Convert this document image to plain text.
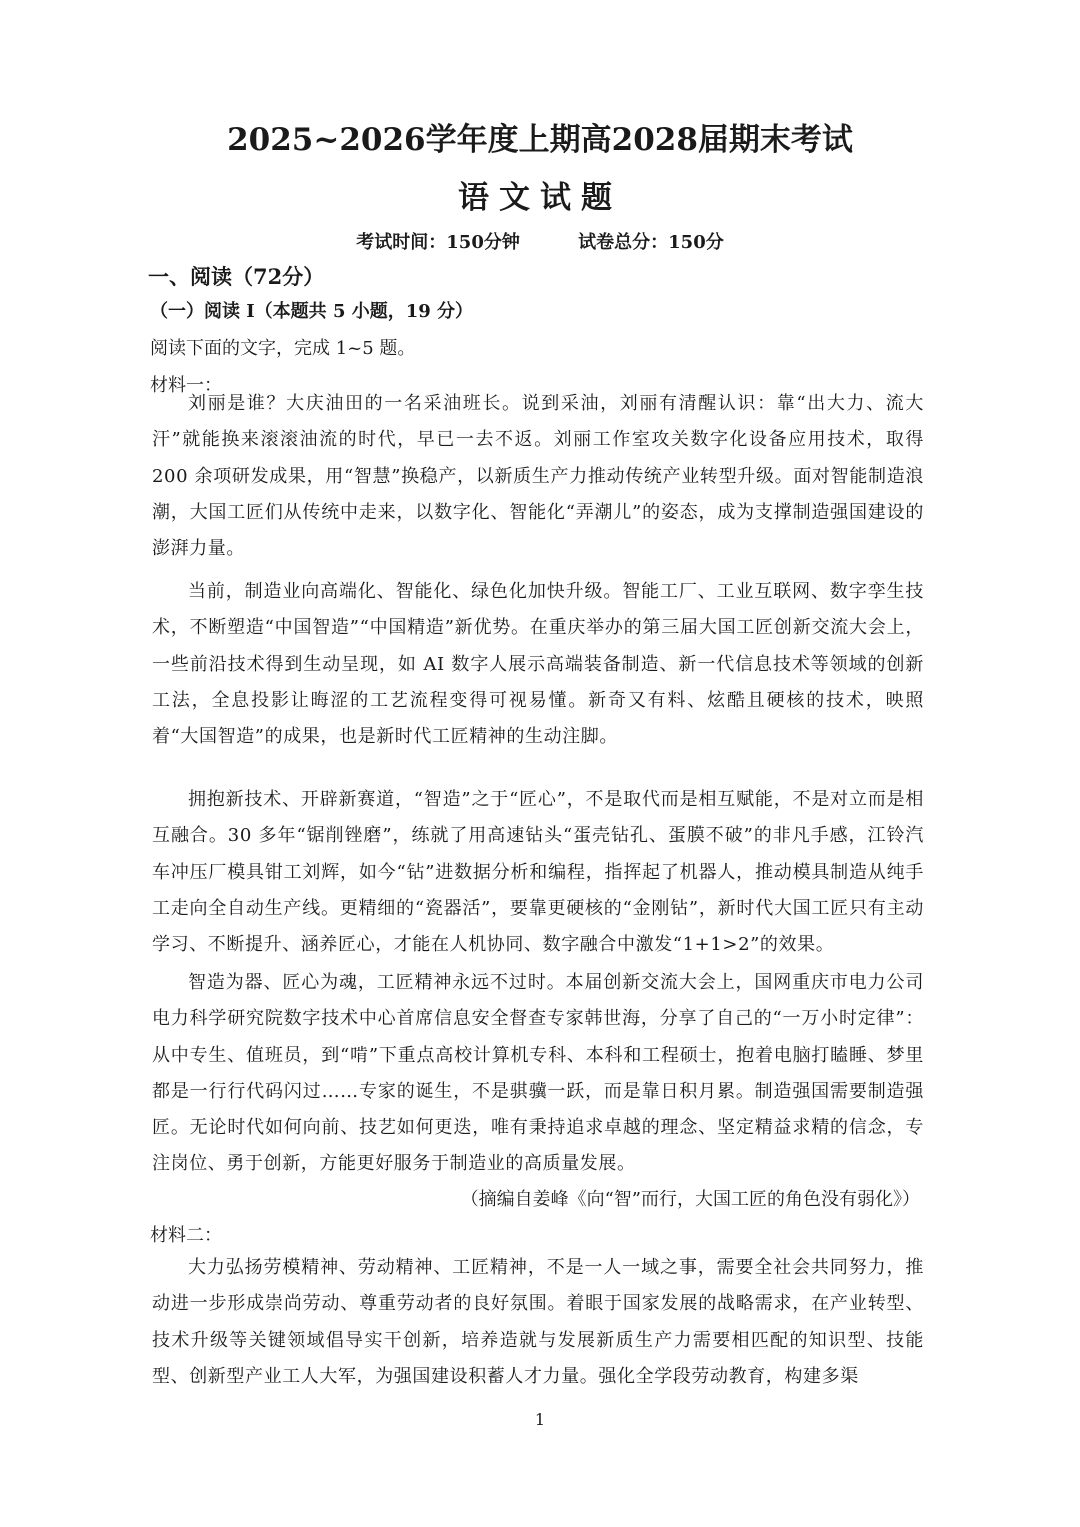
2025~2026学年度上期高2028届期末考试
语文试题
考试时间：150分钟	试卷总分：150分
一、阅读（72分）
（一）阅读 I（本题共 5 小题，19 分）
阅读下面的文字，完成 1~5 题。
材料一：

刘丽是谁？大庆油田的一名采油班长。说到采油，刘丽有清醒认识：靠“出大力、流大汗”就能换来滚滚油流的时代，早已一去不返。刘丽工作室攻关数字化设备应用技术，取得 200 余项研发成果，用“智慧”换稳产，以新质生产力推动传统产业转型升级。面对智能制造浪潮，大国工匠们从传统中走来，以数字化、智能化“弄潮儿”的姿态，成为支撑制造强国建设的澎湃力量。

当前，制造业向高端化、智能化、绿色化加快升级。智能工厂、工业互联网、数字孪生技术，不断塑造“中国智造”“中国精造”新优势。在重庆举办的第三届大国工匠创新交流大会上，一些前沿技术得到生动呈现，如 AI 数字人展示高端装备制造、新一代信息技术等领域的创新工法，全息投影让晦涩的工艺流程变得可视易懂。新奇又有料、炫酷且硬核的技术，映照着“大国智造”的成果，也是新时代工匠精神的生动注脚。

拥抱新技术、开辟新赛道，“智造”之于“匠心”，不是取代而是相互赋能，不是对立而是相互融合。30 多年“锯削锉磨”，练就了用高速钻头“蛋壳钻孔、蛋膜不破”的非凡手感，江铃汽车冲压厂模具钳工刘辉，如今“钻”进数据分析和编程，指挥起了机器人，推动模具制造从纯手工走向全自动生产线。更精细的“瓷器活”，要靠更硬核的“金刚钻”，新时代大国工匠只有主动学习、不断提升、涵养匠心，才能在人机协同、数字融合中激发“1+1>2”的效果。

智造为器、匠心为魂，工匠精神永远不过时。本届创新交流大会上，国网重庆市电力公司电力科学研究院数字技术中心首席信息安全督查专家韩世海，分享了自己的“一万小时定律”：从中专生、值班员，到“啃”下重点高校计算机专科、本科和工程硕士，抱着电脑打瞌睡、梦里都是一行行代码闪过……专家的诞生，不是骐骥一跃，而是靠日积月累。制造强国需要制造强匠。无论时代如何向前、技艺如何更迭，唯有秉持追求卓越的理念、坚定精益求精的信念，专注岗位、勇于创新，方能更好服务于制造业的高质量发展。

（摘编自姜峰《向“智”而行，大国工匠的角色没有弱化》）
材料二：

大力弘扬劳模精神、劳动精神、工匠精神，不是一人一域之事，需要全社会共同努力，推动进一步形成崇尚劳动、尊重劳动者的良好氛围。着眼于国家发展的战略需求，在产业转型、技术升级等关键领域倡导实干创新，培养造就与发展新质生产力需要相匹配的知识型、技能型、创新型产业工人大军，为强国建设积蓄人才力量。强化全学段劳动教育，构建多渠

1
